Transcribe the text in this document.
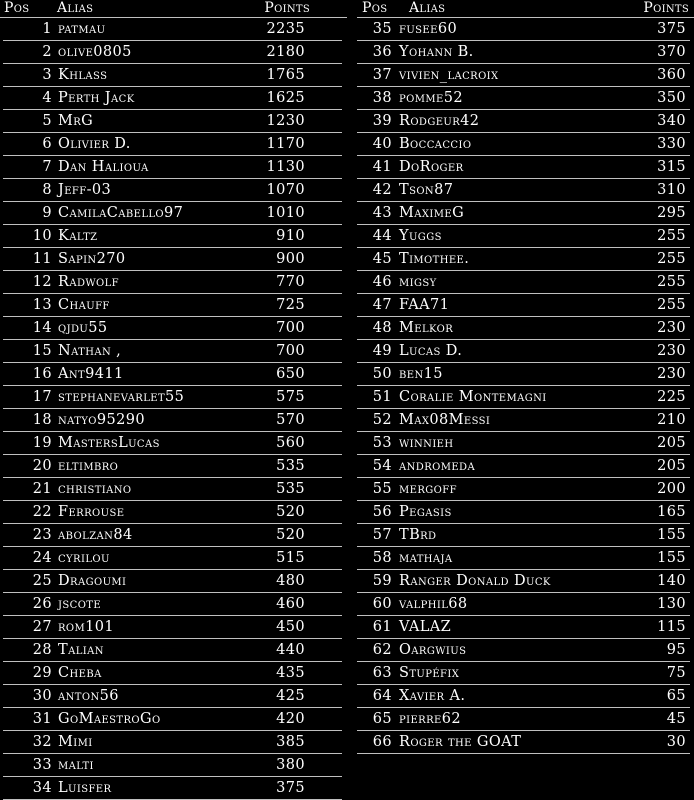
Pos Alias	Points
1 patmau	2235
2 olive0805	2180
3 Khlass	1765
4 Perth Jack	1625
5 MrG	1230
6 Olivier D.	1170
7 Dan Halioua	1130
8 Jeff-03	1070
9 CamilaCabello97	1010
10 Kaltz	910
11 Sapin270	900
12 Radwolf	770
13 Chauff	725
14 qjdu55	700
15 Nathan ,	700
16 Ant9411	650
17 stephanevarlet55	575
18 natyo95290	570
19 MastersLucas	560
20 eltimbro	535
21 christiano	535
22 Ferrouse	520
23 abolzan84	520
24 cyrilou	515
25 Dragoumi	480
26 jscote	460
27 rom101	450
28 Talian	440
29 Cheba	435
30 anton56	425
31 GoMaestroGo	420
32 Mimi	385
33 malti	380
34 Luisfer	375
Pos Alias	Points
35 fusee60	375
36 Yohann B.	370
37 vivien_lacroix	360
38 pomme52	350
39 Rodgeur42	340
40 Boccaccio	330
41 DoRoger	315
42 Tson87	310
43 MaximeG	295
44 Yuggs	255
45 Timothee.	255
46 migsy	255
47 FAA71	255
48 Melkor	230
49 Lucas D.	230
50 ben15	230
51 Coralie Montemagni	225
52 Max08Messi	210
53 winnieh	205
54 andromeda	205
55 mergoff	200
56 Pegasis	165
57 TBrd	155
58 mathaja	155
59 Ranger Donald Duck	140
60 valphil68	130
61 VALAZ	115
62 Oargwius	95
63 Stupéfix	75
64 Xavier A.	65
65 pierre62	45
66 Roger the GOAT	30
